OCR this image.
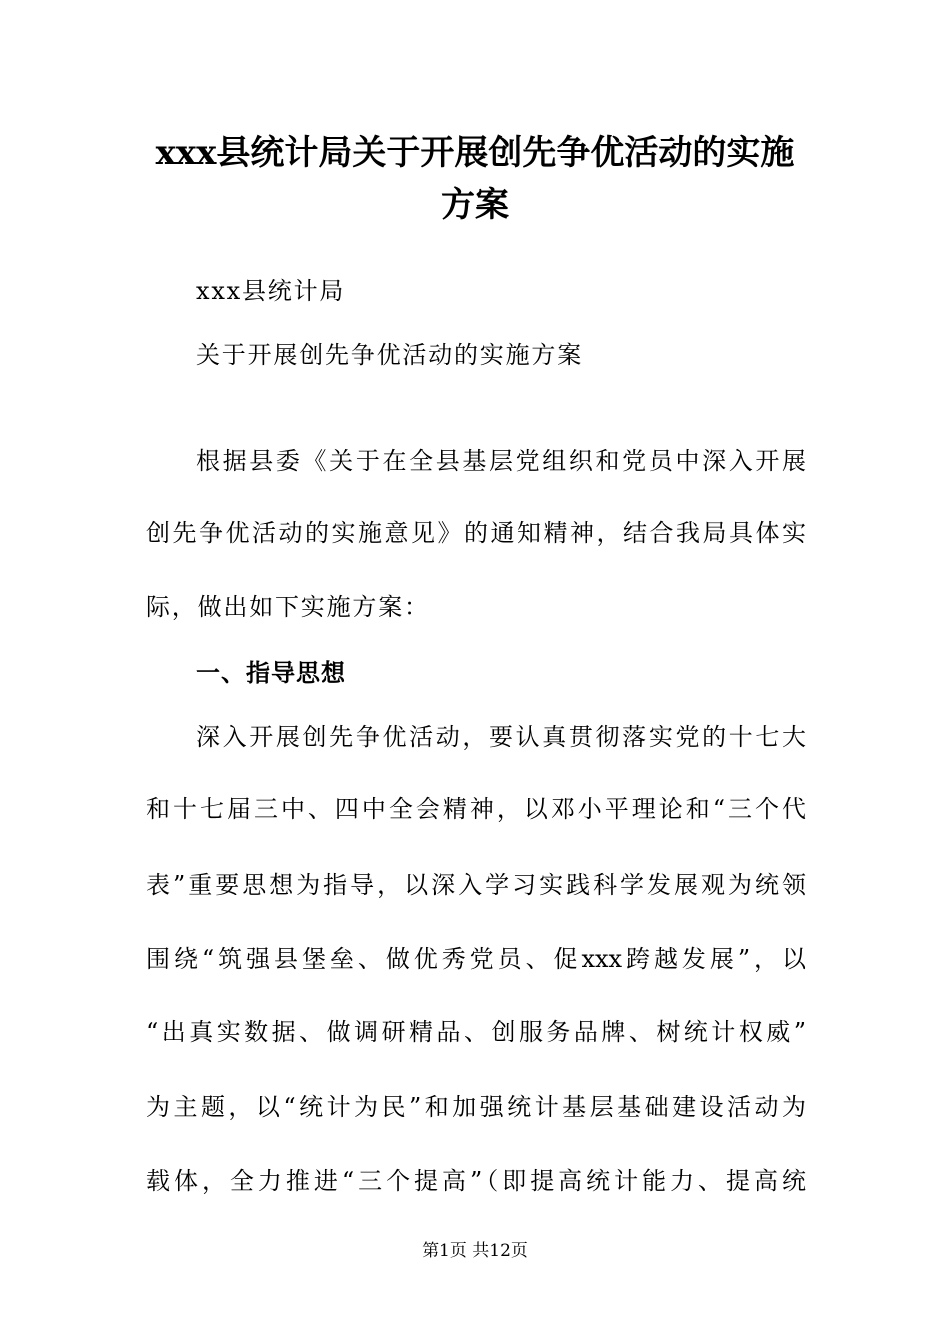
xxx县统计局关于开展创先争优活动的实施
方案
xxx县统计局
关于开展创先争优活动的实施方案
根据县委《关于在全县基层党组织和党员中深入开展
创先争优活动的实施意见》的通知精神，结合我局具体实
际，做出如下实施方案：
一、指导思想
深入开展创先争优活动，要认真贯彻落实党的十七大
和十七届三中、四中全会精神，以邓小平理论和“三个代
表”重要思想为指导，以深入学习实践科学发展观为统领
围绕“筑强县堡垒、做优秀党员、促xxx跨越发展”，以
“出真实数据、做调研精品、创服务品牌、树统计权威”
为主题，以“统计为民”和加强统计基层基础建设活动为
载体，全力推进“三个提高”（即提高统计能力、提高统
第1页 共12页
